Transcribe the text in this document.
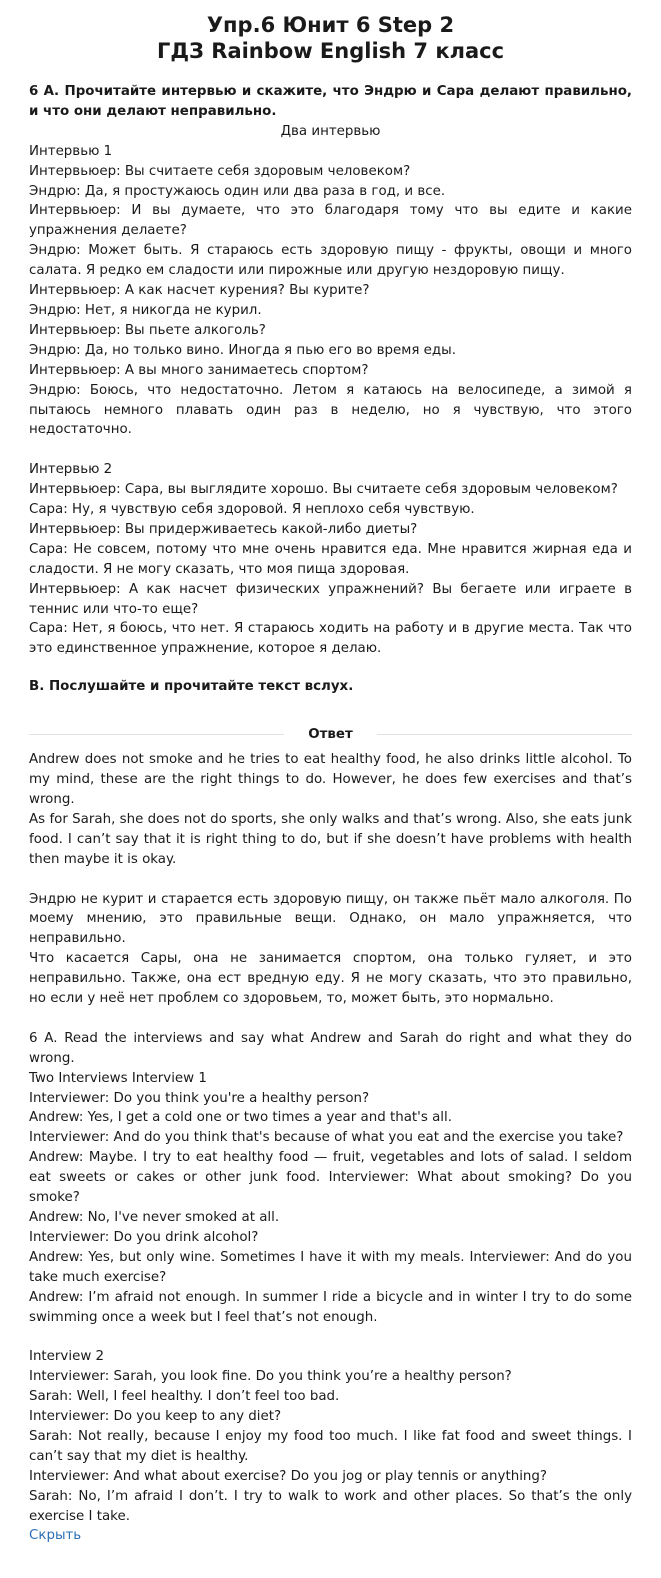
Упр.6 Юнит 6 Step 2
ГДЗ Rainbow English 7 класс

6 А. Прочитайте интервью и скажите, что Эндрю и Сара делают правильно, и что они делают неправильно.

Два интервью

Интервью 1

Интервьюер: Вы считаете себя здоровым человеком?

Эндрю: Да, я простужаюсь один или два раза в год, и все.

Интервьюер: И вы думаете, что это благодаря тому что вы едите и какие упражнения делаете?

Эндрю: Может быть. Я стараюсь есть здоровую пищу - фрукты, овощи и много салата. Я редко ем сладости или пирожные или другую нездоровую пищу.

Интервьюер: А как насчет курения? Вы курите?

Эндрю: Нет, я никогда не курил.

Интервьюер: Вы пьете алкоголь?

Эндрю: Да, но только вино. Иногда я пью его во время еды.

Интервьюер: А вы много занимаетесь спортом?

Эндрю: Боюсь, что недостаточно. Летом я катаюсь на велосипеде, а зимой я пытаюсь немного плавать один раз в неделю, но я чувствую, что этого недостаточно.

Интервью 2

Интервьюер: Сара, вы выглядите хорошо. Вы считаете себя здоровым человеком?

Сара: Ну, я чувствую себя здоровой. Я неплохо себя чувствую.

Интервьюер: Вы придерживаетесь какой-либо диеты?

Сара: Не совсем, потому что мне очень нравится еда. Мне нравится жирная еда и сладости. Я не могу сказать, что моя пища здоровая.

Интервьюер: А как насчет физических упражнений? Вы бегаете или играете в теннис или что-то еще?

Сара: Нет, я боюсь, что нет. Я стараюсь ходить на работу и в другие места. Так что это единственное упражнение, которое я делаю.

В. Послушайте и прочитайте текст вслух.
Ответ

Andrew does not smoke and he tries to eat healthy food, he also drinks little alcohol. To my mind, these are the right things to do. However, he does few exercises and that’s wrong.

As for Sarah, she does not do sports, she only walks and that’s wrong. Also, she eats junk food. I can’t say that it is right thing to do, but if she doesn’t have problems with health then maybe it is okay.

Эндрю не курит и старается есть здоровую пищу, он также пьёт мало алкоголя. По моему мнению, это правильные вещи. Однако, он мало упражняется, что неправильно.

Что касается Сары, она не занимается спортом, она только гуляет, и это неправильно. Также, она ест вредную еду. Я не могу сказать, что это правильно, но если у неё нет проблем со здоровьем, то, может быть, это нормально.

6 A. Read the interviews and say what Andrew and Sarah do right and what they do wrong.

Two Interviews Interview 1

Interviewer: Do you think you're a healthy person?

Andrew: Yes, I get a cold one or two times a year and that's all.

Interviewer: And do you think that's because of what you eat and the exercise you take?

Andrew: Maybe. I try to eat healthy food — fruit, vegetables and lots of salad. I seldom eat sweets or cakes or other junk food. Interviewer: What about smoking? Do you smoke?

Andrew: No, I've never smoked at all.

Interviewer: Do you drink alcohol?

Andrew: Yes, but only wine. Sometimes I have it with my meals. Interviewer: And do you take much exercise?

Andrew: I’m afraid not enough. In summer I ride a bicycle and in winter I try to do some swimming once a week but I feel that’s not enough.

Interview 2

Interviewer: Sarah, you look fine. Do you think you’re a healthy person?

Sarah: Well, I feel healthy. I don’t feel too bad.

Interviewer: Do you keep to any diet?

Sarah: Not really, because I enjoy my food too much. I like fat food and sweet things. I can’t say that my diet is healthy.

Interviewer: And what about exercise? Do you jog or play tennis or anything?

Sarah: No, I’m afraid I don’t. I try to walk to work and other places. So that’s the only exercise I take.

Скрыть
